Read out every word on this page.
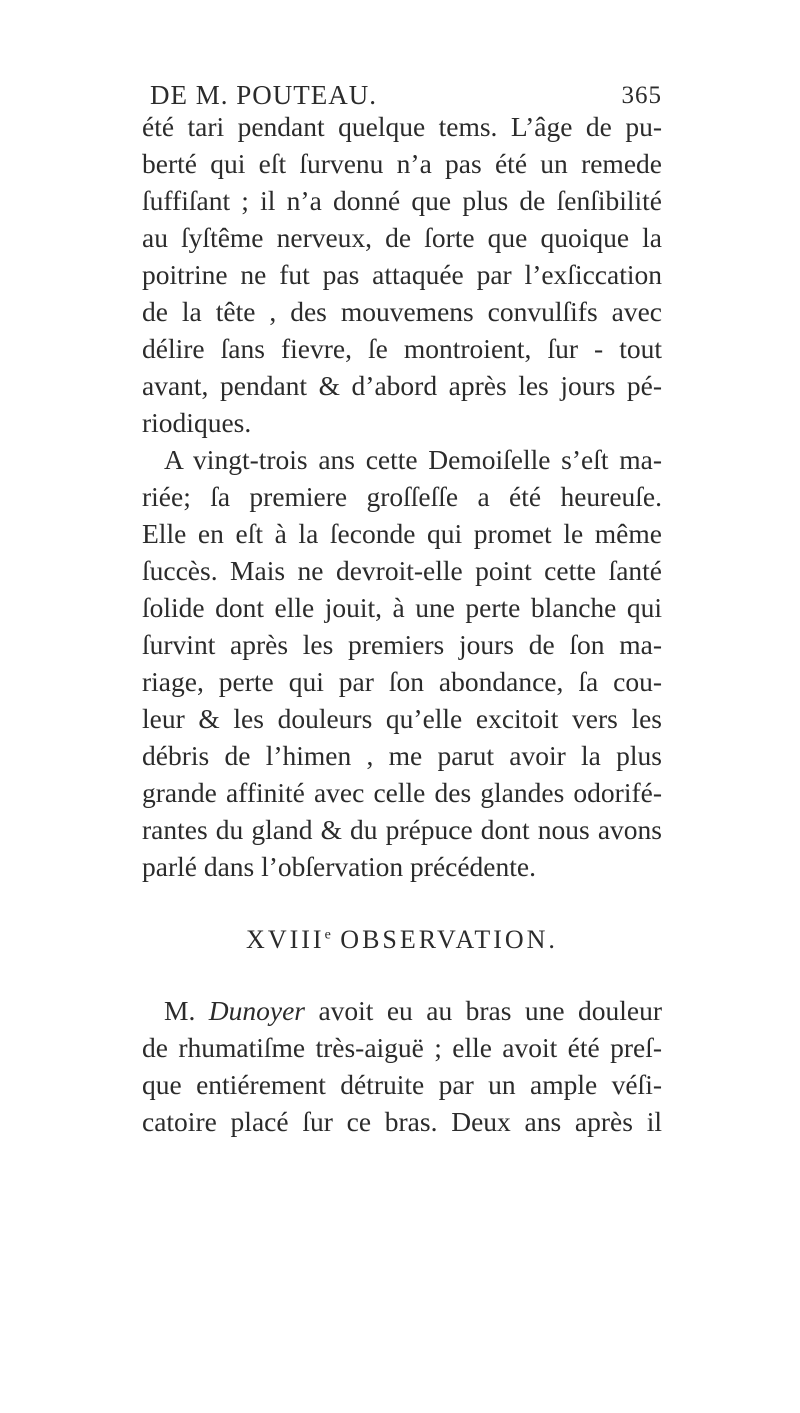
DE M. POUTEAU.	365
été tari pendant quelque tems. L’âge de pu-
berté qui eſt ſurvenu n’a pas été un remede
ſuffiſant ; il n’a donné que plus de ſenſibilité
au ſyſtême nerveux, de ſorte que quoique la
poitrine ne fut pas attaquée par l’exſiccation
de la tête , des mouvemens convulſifs avec
délire ſans fievre, ſe montroient, ſur - tout
avant, pendant & d’abord après les jours pé-
riodiques.
A vingt-trois ans cette Demoiſelle s’eſt ma-
riée; ſa premiere groſſeſſe a été heureuſe.
Elle en eſt à la ſeconde qui promet le même
ſuccès. Mais ne devroit-elle point cette ſanté
ſolide dont elle jouit, à une perte blanche qui
ſurvint après les premiers jours de ſon ma-
riage, perte qui par ſon abondance, ſa cou-
leur & les douleurs qu’elle excitoit vers les
débris de l’himen , me parut avoir la plus
grande affinité avec celle des glandes odorifé-
rantes du gland & du prépuce dont nous avons
parlé dans l’obſervation précédente.
XVIIIe OBSERVATION.
M. Dunoyer avoit eu au bras une douleur
de rhumatiſme très-aiguë ; elle avoit été preſ-
que entiérement détruite par un ample véſi-
catoire placé ſur ce bras. Deux ans après il
